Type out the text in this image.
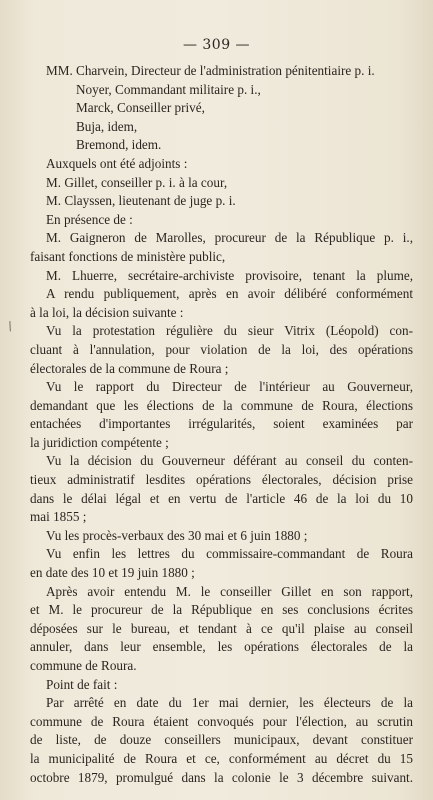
— 309 —
/
MM. Charvein, Directeur de l'administration pénitentiaire p. i.
Noyer, Commandant militaire p. i.,
Marck, Conseiller privé,
Buja, idem,
Bremond, idem.
Auxquels ont été adjoints :
M. Gillet, conseiller p. i. à la cour,
M. Clayssen, lieutenant de juge p. i.
En présence de :
M. Gaigneron de Marolles, procureur de la République p. i.,
faisant fonctions de ministère public,
M. Lhuerre, secrétaire-archiviste provisoire, tenant la plume,
A rendu publiquement, après en avoir délibéré conformément
à la loi, la décision suivante :
Vu la protestation régulière du sieur Vitrix (Léopold) con-
cluant à l'annulation, pour violation de la loi, des opérations
électorales de la commune de Roura ;
Vu le rapport du Directeur de l'intérieur au Gouverneur,
demandant que les élections de la commune de Roura, élections
entachées d'importantes irrégularités, soient examinées par
la juridiction compétente ;
Vu la décision du Gouverneur déférant au conseil du conten-
tieux administratif lesdites opérations électorales, décision prise
dans le délai légal et en vertu de l'article 46 de la loi du 10
mai 1855 ;
Vu les procès-verbaux des 30 mai et 6 juin 1880 ;
Vu enfin les lettres du commissaire-commandant de Roura
en date des 10 et 19 juin 1880 ;
Après avoir entendu M. le conseiller Gillet en son rapport,
et M. le procureur de la République en ses conclusions écrites
déposées sur le bureau, et tendant à ce qu'il plaise au conseil
annuler, dans leur ensemble, les opérations électorales de la
commune de Roura.
Point de fait :
Par arrêté en date du 1er mai dernier, les électeurs de la
commune de Roura étaient convoqués pour l'élection, au scrutin
de liste, de douze conseillers municipaux, devant constituer
la municipalité de Roura et ce, conformément au décret du 15
octobre 1879, promulgué dans la colonie le 3 décembre suivant.
